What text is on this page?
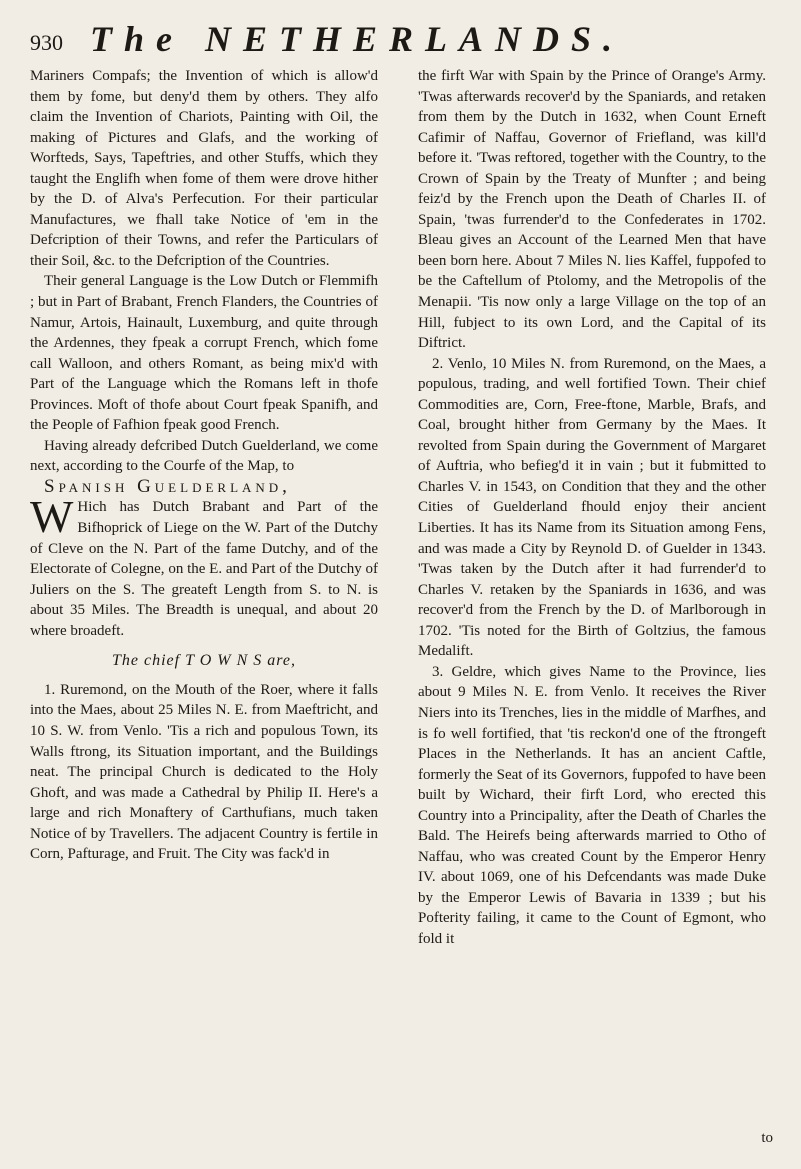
930 The NETHERLANDS.

Mariners Compafs; the Invention of which is allow'd them by fome, but deny'd them by others. They alfo claim the Invention of Chariots, Painting with Oil, the making of Pictures and Glafs, and the working of Worfteds, Says, Tapeftries, and other Stuffs, which they taught the Englifh when fome of them were drove hither by the D. of Alva's Perfecution. For their particular Manufactures, we fhall take Notice of 'em in the Defcription of their Towns, and refer the Particulars of their Soil, &c. to the Defcription of the Countries.

Their general Language is the Low Dutch or Flemmifh ; but in Part of Brabant, French Flanders, the Countries of Namur, Artois, Hainault, Luxemburg, and quite through the Ardennes, they fpeak a corrupt French, which fome call Walloon, and others Romant, as being mix'd with Part of the Language which the Romans left in thofe Provinces. Moft of thofe about Court fpeak Spanifh, and the People of Fafhion fpeak good French.

Having already defcribed Dutch Guelderland, we come next, according to the Courfe of the Map, to

Spanish Guelderland,

W Hich has Dutch Brabant and Part of the Bifhoprick of Liege on the W. Part of the Dutchy of Cleve on the N. Part of the fame Dutchy, and of the Electorate of Colegne, on the E. and Part of the Dutchy of Juliers on the S. The greateft Length from S. to N. is about 35 Miles. The Breadth is unequal, and about 20 where broadeft.

The chief T O W N S are,

1. Ruremond, on the Mouth of the Roer, where it falls into the Maes, about 25 Miles N. E. from Maeftricht, and 10 S. W. from Venlo. 'Tis a rich and populous Town, its Walls ftrong, its Situation important, and the Buildings neat. The principal Church is dedicated to the Holy Ghoft, and was made a Cathedral by Philip II. Here's a large and rich Monaftery of Carthufians, much taken Notice of by Travellers. The adjacent Country is fertile in Corn, Pafturage, and Fruit. The City was fack'd in

the firft War with Spain by the Prince of Orange's Army. 'Twas afterwards recover'd by the Spaniards, and retaken from them by the Dutch in 1632, when Count Erneft Cafimir of Naffau, Governor of Friefland, was kill'd before it. 'Twas reftored, together with the Country, to the Crown of Spain by the Treaty of Munfter ; and being feiz'd by the French upon the Death of Charles II. of Spain, 'twas furrender'd to the Confederates in 1702. Bleau gives an Account of the Learned Men that have been born here. About 7 Miles N. lies Kaffel, fuppofed to be the Caftellum of Ptolomy, and the Metropolis of the Menapii. 'Tis now only a large Village on the top of an Hill, fubject to its own Lord, and the Capital of its Diftrict.

2. Venlo, 10 Miles N. from Ruremond, on the Maes, a populous, trading, and well fortified Town. Their chief Commodities are, Corn, Free-ftone, Marble, Brafs, and Coal, brought hither from Germany by the Maes. It revolted from Spain during the Government of Margaret of Auftria, who befieg'd it in vain ; but it fubmitted to Charles V. in 1543, on Condition that they and the other Cities of Guelderland fhould enjoy their ancient Liberties. It has its Name from its Situation among Fens, and was made a City by Reynold D. of Guelder in 1343. 'Twas taken by the Dutch after it had furrender'd to Charles V. retaken by the Spaniards in 1636, and was recover'd from the French by the D. of Marlborough in 1702. 'Tis noted for the Birth of Goltzius, the famous Medalift.

3. Geldre, which gives Name to the Province, lies about 9 Miles N. E. from Venlo. It receives the River Niers into its Trenches, lies in the middle of Marfhes, and is fo well fortified, that 'tis reckon'd one of the ftrongeft Places in the Netherlands. It has an ancient Caftle, formerly the Seat of its Governors, fuppofed to have been built by Wichard, their firft Lord, who erected this Country into a Principality, after the Death of Charles the Bald. The Heirefs being afterwards married to Otho of Naffau, who was created Count by the Emperor Henry IV. about 1069, one of his Defcendants was made Duke by the Emperor Lewis of Bavaria in 1339 ; but his Pofterity failing, it came to the Count of Egmont, who fold it

to
